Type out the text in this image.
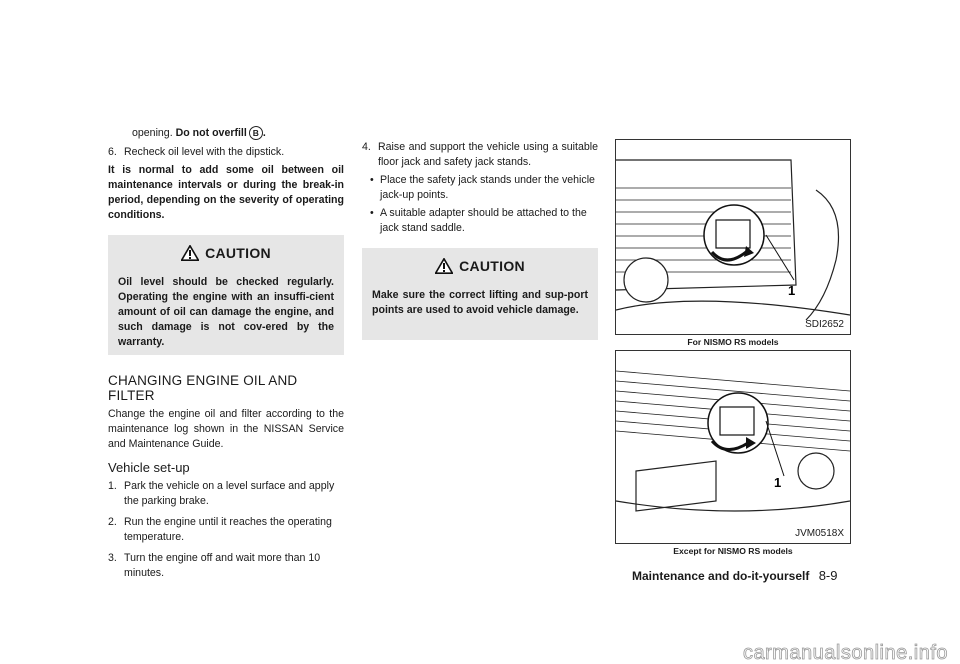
opening. Do not overfill B .

6. Recheck oil level with the dipstick.

It is normal to add some oil between oil maintenance intervals or during the break-in period, depending on the severity of operating conditions.

CAUTION

Oil level should be checked regularly. Operating the engine with an insuffi-cient amount of oil can damage the engine, and such damage is not cov-ered by the warranty.

CHANGING ENGINE OIL AND FILTER

Change the engine oil and filter according to the maintenance log shown in the NISSAN Service and Maintenance Guide.

Vehicle set-up
1. Park the vehicle on a level surface and apply the parking brake.
2. Run the engine until it reaches the operating temperature.
3. Turn the engine off and wait more than 10 minutes.
4. Raise and support the vehicle using a suitable floor jack and safety jack stands.
• Place the safety jack stands under the vehicle jack-up points.
• A suitable adapter should be attached to the jack stand saddle.
CAUTION

Make sure the correct lifting and sup-port points are used to avoid vehicle damage.

1
SDI2652
For NISMO RS models
1
JVM0518X
Except for NISMO RS models
Maintenance and do-it-yourself 8-9
carmanualsonline.info
